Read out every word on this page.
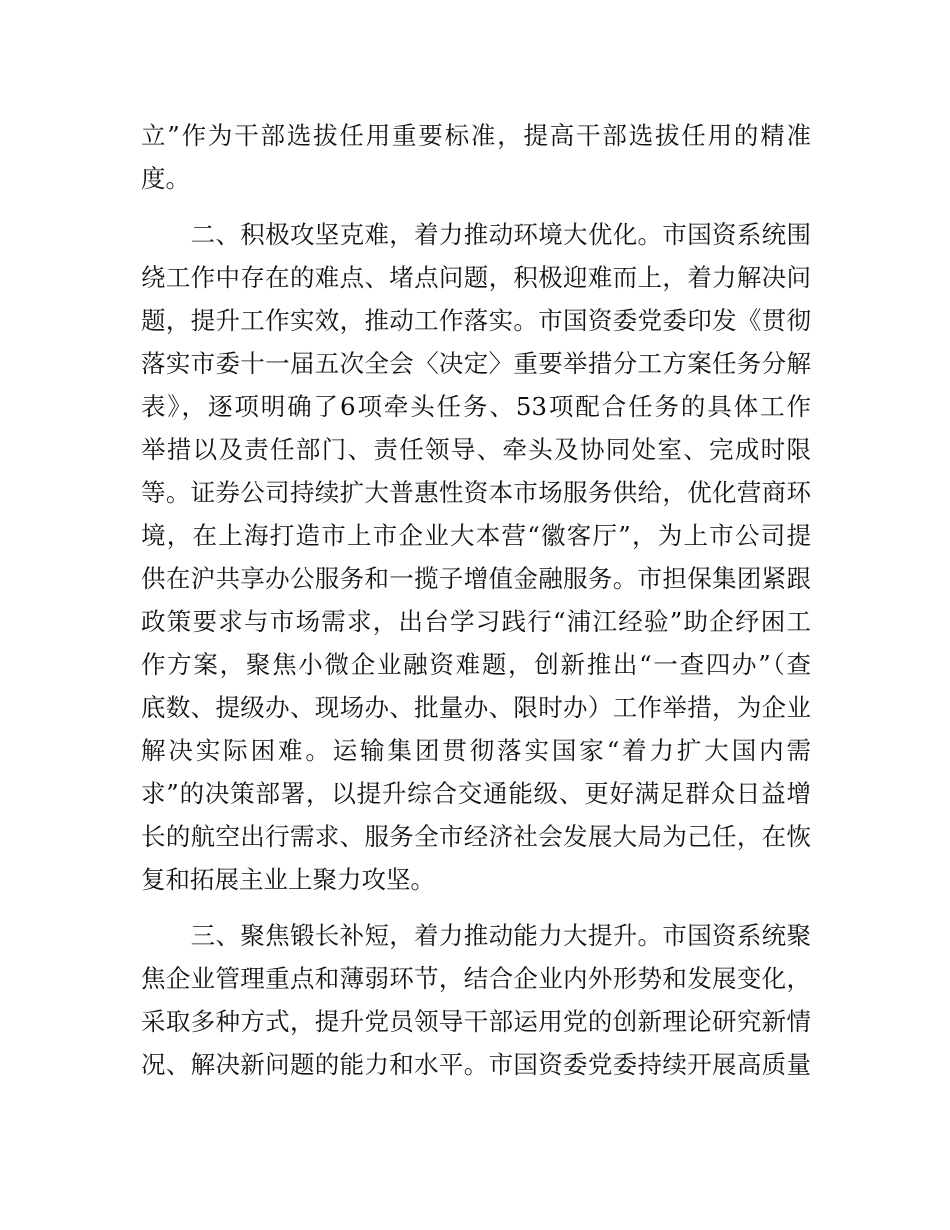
立”作为干部选拔任用重要标准，提高干部选拔任用的精准
度。
　　二、积极攻坚克难，着力推动环境大优化。市国资系统围
绕工作中存在的难点、堵点问题，积极迎难而上，着力解决问
题，提升工作实效，推动工作落实。市国资委党委印发《贯彻
落实市委十一届五次全会〈决定〉重要举措分工方案任务分解
表》，逐项明确了6项牵头任务、53项配合任务的具体工作
举措以及责任部门、责任领导、牵头及协同处室、完成时限
等。证券公司持续扩大普惠性资本市场服务供给，优化营商环
境，在上海打造市上市企业大本营“徽客厅”，为上市公司提
供在沪共享办公服务和一揽子增值金融服务。市担保集团紧跟
政策要求与市场需求，出台学习践行“浦江经验”助企纾困工
作方案，聚焦小微企业融资难题，创新推出“一查四办”（查
底数、提级办、现场办、批量办、限时办）工作举措，为企业
解决实际困难。运输集团贯彻落实国家“着力扩大国内需
求”的决策部署，以提升综合交通能级、更好满足群众日益增
长的航空出行需求、服务全市经济社会发展大局为己任，在恢
复和拓展主业上聚力攻坚。
　　三、聚焦锻长补短，着力推动能力大提升。市国资系统聚
焦企业管理重点和薄弱环节，结合企业内外形势和发展变化，
采取多种方式，提升党员领导干部运用党的创新理论研究新情
况、解决新问题的能力和水平。市国资委党委持续开展高质量
